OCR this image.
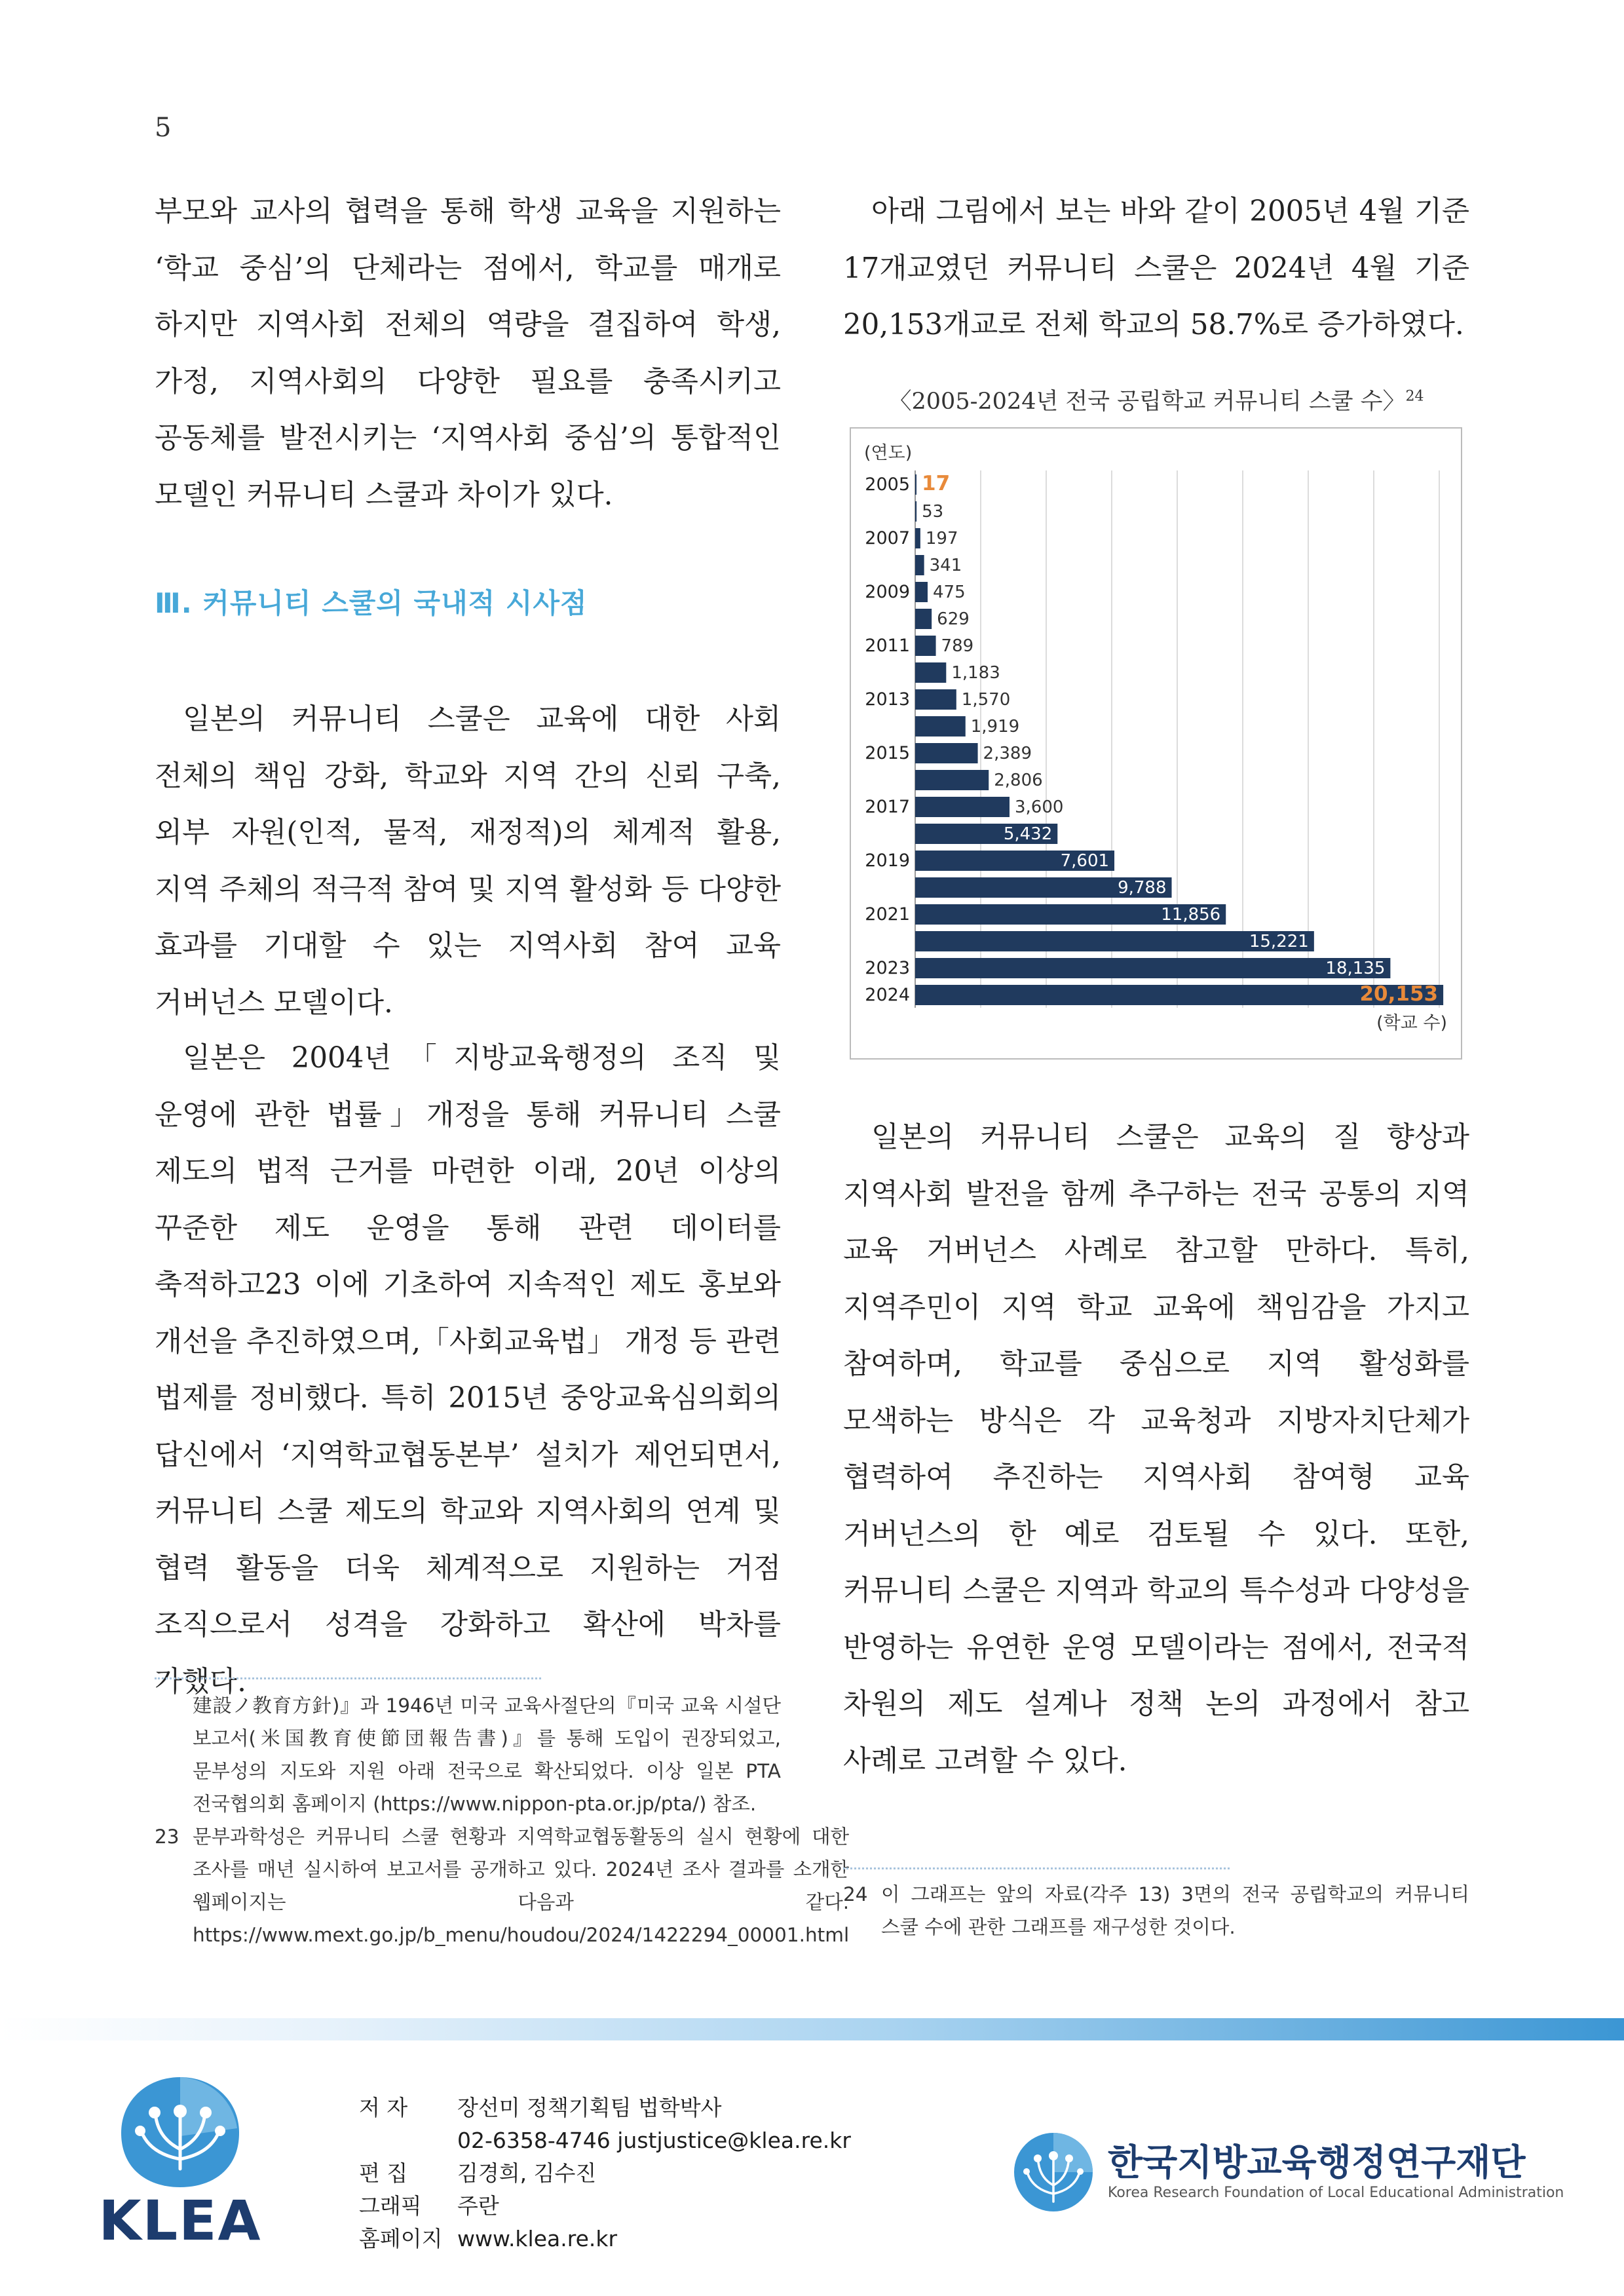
5

부모와 교사의 협력을 통해 학생 교육을 지원하는 ‘학교 중심’의 단체라는 점에서, 학교를 매개로 하지만 지역사회 전체의 역량을 결집하여 학생, 가정, 지역사회의 다양한 필요를 충족시키고 공동체를 발전시키는 ‘지역사회 중심’의 통합적인 모델인 커뮤니티 스쿨과 차이가 있다.

Ⅲ. 커뮤니티 스쿨의 국내적 시사점

일본의 커뮤니티 스쿨은 교육에 대한 사회 전체의 책임 강화, 학교와 지역 간의 신뢰 구축, 외부 자원(인적, 물적, 재정적)의 체계적 활용, 지역 주체의 적극적 참여 및 지역 활성화 등 다양한 효과를 기대할 수 있는 지역사회 참여 교육 거버넌스 모델이다.

일본은 2004년「지방교육행정의 조직 및 운영에 관한 법률」개정을 통해 커뮤니티 스쿨 제도의 법적 근거를 마련한 이래, 20년 이상의 꾸준한 제도 운영을 통해 관련 데이터를 축적하고23 이에 기초하여 지속적인 제도 홍보와 개선을 추진하였으며,「사회교육법」 개정 등 관련 법제를 정비했다. 특히 2015년 중앙교육심의회의 답신에서 ‘지역학교협동본부’ 설치가 제언되면서, 커뮤니티 스쿨 제도의 학교와 지역사회의 연계 및 협력 활동을 더욱 체계적으로 지원하는 거점 조직으로서 성격을 강화하고 확산에 박차를 가했다.

建設ノ教育方針)』과 1946년 미국 교육사절단의『미국 교육 시설단 보고서(米国教育使節団報告書)』를 통해 도입이 권장되었고, 문부성의 지도와 지원 아래 전국으로 확산되었다. 이상 일본 PTA 전국협의회 홈페이지 (https://www.nippon-pta.or.jp/pta/) 참조.

23 문부과학성은 커뮤니티 스쿨 현황과 지역학교협동활동의 실시 현황에 대한 조사를 매년 실시하여 보고서를 공개하고 있다. 2024년 조사 결과를 소개한 웹페이지는 다음과 같다. https://www.mext.go.jp/b_menu/houdou/2024/1422294_00001.html

아래 그림에서 보는 바와 같이 2005년 4월 기준 17개교였던 커뮤니티 스쿨은 2024년 4월 기준 20,153개교로 전체 학교의 58.7%로 증가하였다.

〈2005-2024년 전국 공립학교 커뮤니티 스쿨 수〉$^{24}$
(연도)
2005
2007
2009
2011
2013
2015
2017
2019
2021
2023
2024
17
53
197
341
475
629
789
1,183
1,570
1,919
2,389
2,806
3,600
5,432
7,601
9,788
11,856
15,221
18,135
20,153
(학교 수)

일본의 커뮤니티 스쿨은 교육의 질 향상과 지역사회 발전을 함께 추구하는 전국 공통의 지역 교육 거버넌스 사례로 참고할 만하다. 특히, 지역주민이 지역 학교 교육에 책임감을 가지고 참여하며, 학교를 중심으로 지역 활성화를 모색하는 방식은 각 교육청과 지방자치단체가 협력하여 추진하는 지역사회 참여형 교육 거버넌스의 한 예로 검토될 수 있다. 또한, 커뮤니티 스쿨은 지역과 학교의 특수성과 다양성을 반영하는 유연한 운영 모델이라는 점에서, 전국적 차원의 제도 설계나 정책 논의 과정에서 참고 사례로 고려할 수 있다.

24 이 그래프는 앞의 자료(각주 13) 3면의 전국 공립학교의 커뮤니티 스쿨 수에 관한 그래프를 재구성한 것이다.

KLEA
저 자	장선미 정책기획팀 법학박사
02-6358-4746 justjustice@klea.re.kr
편 집	김경희, 김수진
그래픽	주란
홈페이지 www.klea.re.kr
한국지방교육행정연구재단
Korea Research Foundation of Local Educational Administration
